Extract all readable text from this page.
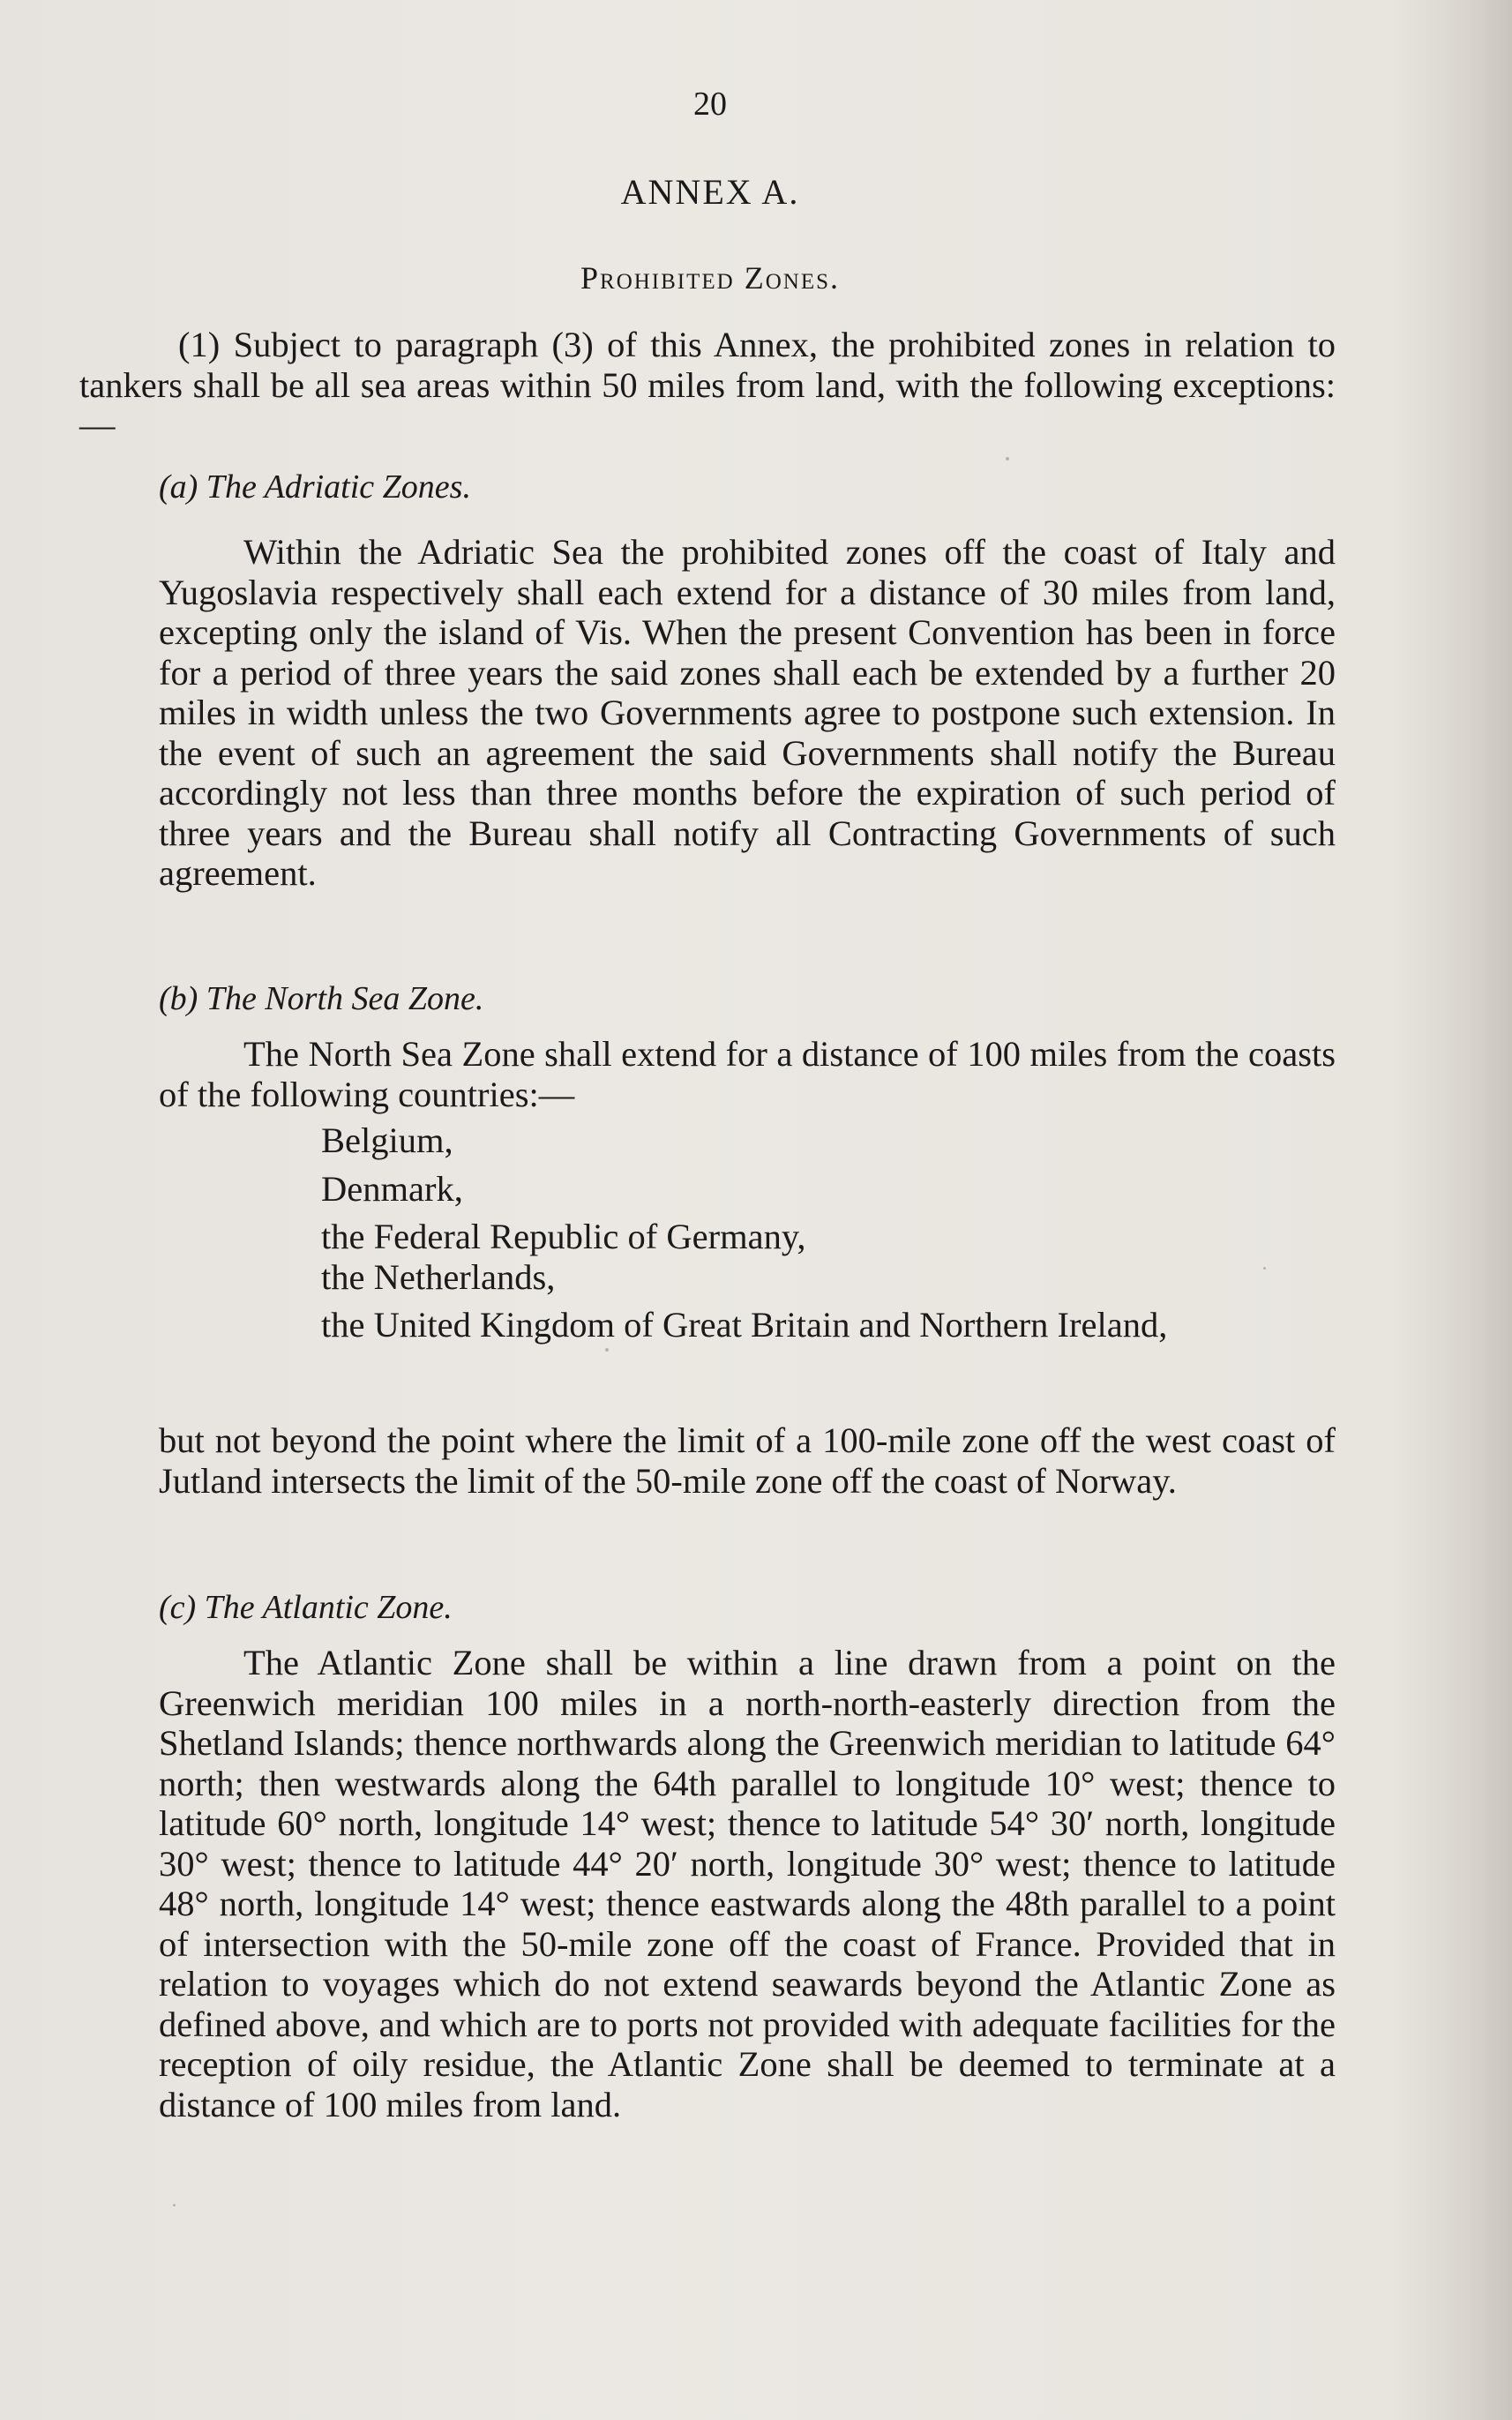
20
ANNEX A.
Prohibited Zones.

(1) Subject to paragraph (3) of this Annex, the prohibited zones in relation to tankers shall be all sea areas within 50 miles from land, with the following exceptions:—

(a) The Adriatic Zones.

Within the Adriatic Sea the prohibited zones off the coast of Italy and Yugoslavia respectively shall each extend for a distance of 30 miles from land, excepting only the island of Vis. When the present Convention has been in force for a period of three years the said zones shall each be extended by a further 20 miles in width unless the two Governments agree to postpone such extension. In the event of such an agreement the said Governments shall notify the Bureau accordingly not less than three months before the expiration of such period of three years and the Bureau shall notify all Contracting Governments of such agreement.

(b) The North Sea Zone.

The North Sea Zone shall extend for a distance of 100 miles from the coasts of the following countries:—

Belgium,
Denmark,
the Federal Republic of Germany,
the Netherlands,
the United Kingdom of Great Britain and Northern Ireland,

but not beyond the point where the limit of a 100-mile zone off the west coast of Jutland intersects the limit of the 50-mile zone off the coast of Norway.

(c) The Atlantic Zone.

The Atlantic Zone shall be within a line drawn from a point on the Greenwich meridian 100 miles in a north-north-easterly direction from the Shetland Islands; thence northwards along the Greenwich meridian to latitude 64° north; then westwards along the 64th parallel to longitude 10° west; thence to latitude 60° north, longitude 14° west; thence to latitude 54° 30′ north, longitude 30° west; thence to latitude 44° 20′ north, longitude 30° west; thence to latitude 48° north, longitude 14° west; thence eastwards along the 48th parallel to a point of intersection with the 50-mile zone off the coast of France. Provided that in relation to voyages which do not extend seawards beyond the Atlantic Zone as defined above, and which are to ports not provided with adequate facilities for the reception of oily residue, the Atlantic Zone shall be deemed to terminate at a distance of 100 miles from land.
